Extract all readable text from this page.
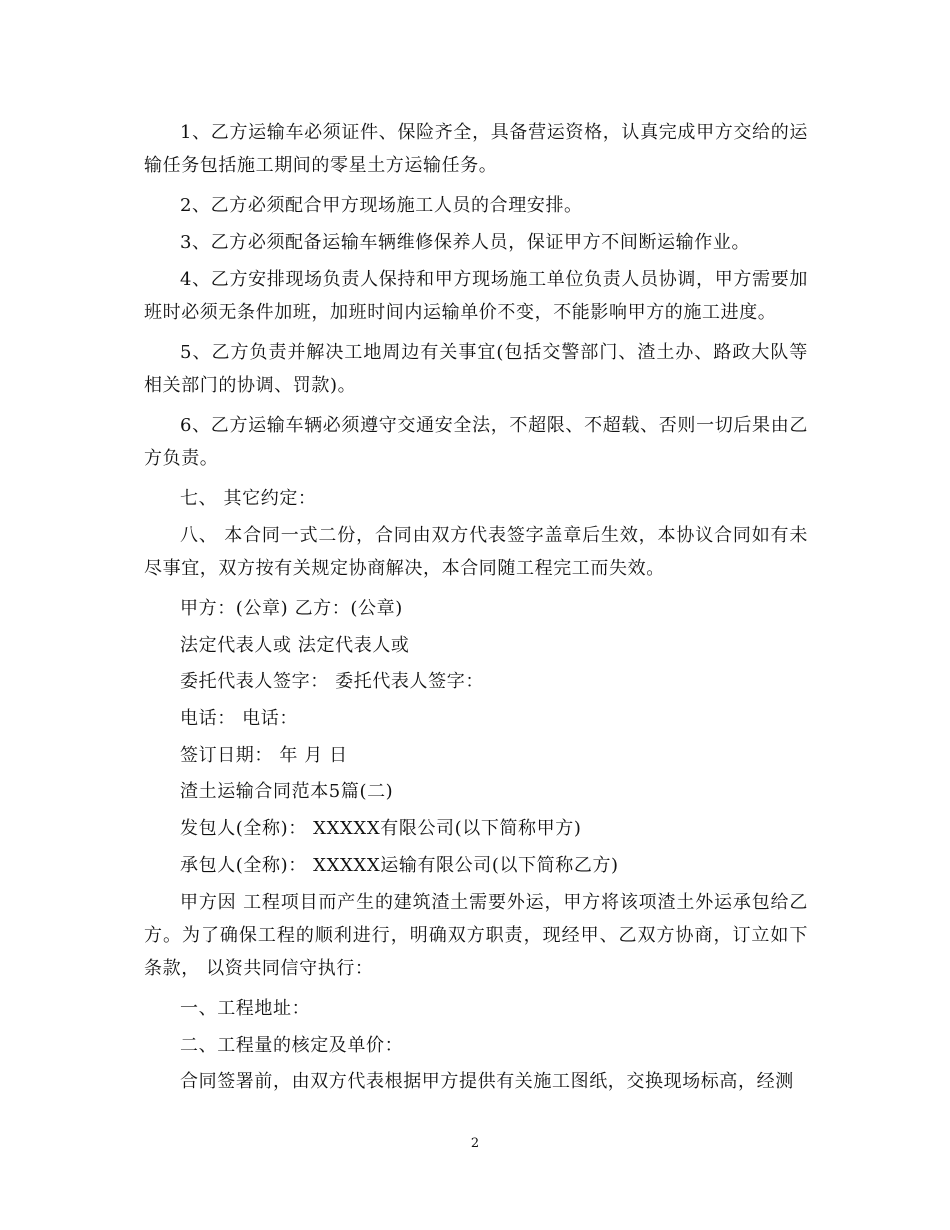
1、乙方运输车必须证件、保险齐全，具备营运资格，认真完成甲方交给的运输任务包括施工期间的零星土方运输任务。

2、乙方必须配合甲方现场施工人员的合理安排。

3、乙方必须配备运输车辆维修保养人员，保证甲方不间断运输作业。

4、乙方安排现场负责人保持和甲方现场施工单位负责人员协调，甲方需要加班时必须无条件加班，加班时间内运输单价不变，不能影响甲方的施工进度。

5、乙方负责并解决工地周边有关事宜(包括交警部门、渣土办、路政大队等相关部门的协调、罚款)。

6、乙方运输车辆必须遵守交通安全法，不超限、不超载、否则一切后果由乙方负责。

七、 其它约定：

八、 本合同一式二份，合同由双方代表签字盖章后生效，本协议合同如有未尽事宜，双方按有关规定协商解决，本合同随工程完工而失效。

甲方：(公章) 乙方：(公章)

法定代表人或 法定代表人或

委托代表人签字： 委托代表人签字：

电话： 电话：

签订日期： 年 月 日

渣土运输合同范本5篇(二)

发包人(全称)： XXXXX有限公司(以下简称甲方)

承包人(全称)： XXXXX运输有限公司(以下简称乙方)

甲方因 工程项目而产生的建筑渣土需要外运，甲方将该项渣土外运承包给乙方。为了确保工程的顺利进行，明确双方职责，现经甲、乙双方协商，订立如下条款， 以资共同信守执行：

一、工程地址：

二、工程量的核定及单价：

合同签署前，由双方代表根据甲方提供有关施工图纸，交换现场标高，经测

2
